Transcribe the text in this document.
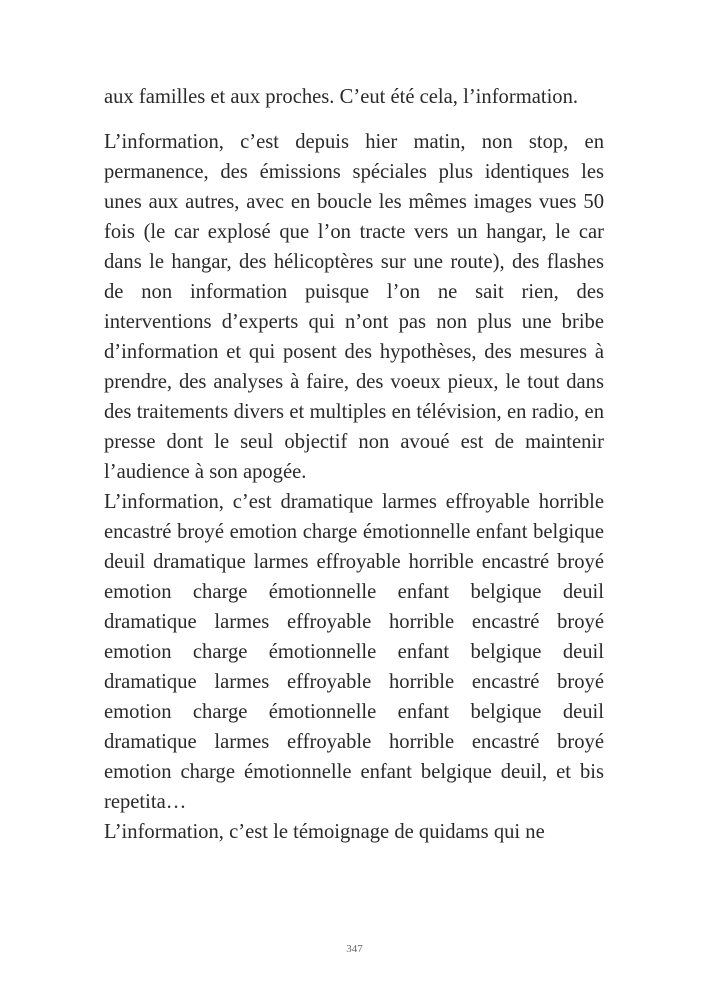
aux familles et aux proches. C’eut été cela, l’information.

L’information, c’est depuis hier matin, non stop, en permanence, des émissions spéciales plus identiques les unes aux autres, avec en boucle les mêmes images vues 50 fois (le car explosé que l’on tracte vers un hangar, le car dans le hangar, des hélicoptères sur une route), des flashes de non information puisque l’on ne sait rien, des interventions d’experts qui n’ont pas non plus une bribe d’information et qui posent des hypothèses, des mesures à prendre, des analyses à faire, des voeux pieux, le tout dans des traitements divers et multiples en télévision, en radio, en presse dont le seul objectif non avoué est de maintenir l’audience à son apogée.

L’information, c’est dramatique larmes effroyable horrible encastré broyé emotion charge émotionnelle enfant belgique deuil dramatique larmes effroyable horrible encastré broyé emotion charge émotionnelle enfant belgique deuil dramatique larmes effroyable horrible encastré broyé emotion charge émotionnelle enfant belgique deuil dramatique larmes effroyable horrible encastré broyé emotion charge émotionnelle enfant belgique deuil dramatique larmes effroyable horrible encastré broyé emotion charge émotionnelle enfant belgique deuil, et bis repetita…

L’information, c’est le témoignage de quidams qui ne

347
